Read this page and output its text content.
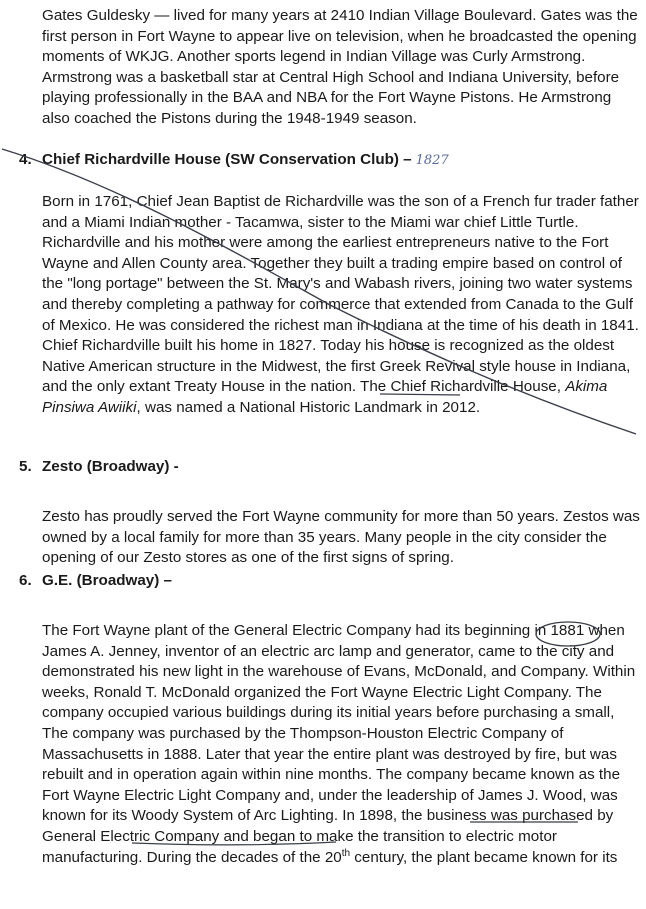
Gates Guldesky — lived for many years at 2410 Indian Village Boulevard. Gates was the first person in Fort Wayne to appear live on television, when he broadcasted the opening moments of WKJG. Another sports legend in Indian Village was Curly Armstrong. Armstrong was a basketball star at Central High School and Indiana University, before playing professionally in the BAA and NBA for the Fort Wayne Pistons. He Armstrong also coached the Pistons during the 1948-1949 season.

4. Chief Richardville House (SW Conservation Club) – 1827

Born in 1761, Chief Jean Baptist de Richardville was the son of a French fur trader father and a Miami Indian mother - Tacamwa, sister to the Miami war chief Little Turtle. Richardville and his mother were among the earliest entrepreneurs native to the Fort Wayne and Allen County area. Together they built a trading empire based on control of the "long portage" between the St. Mary's and Wabash rivers, joining two water systems and thereby completing a pathway for commerce that extended from Canada to the Gulf of Mexico. He was considered the richest man in Indiana at the time of his death in 1841. Chief Richardville built his home in 1827. Today his house is recognized as the oldest Native American structure in the Midwest, the first Greek Revival style house in Indiana, and the only extant Treaty House in the nation. The Chief Richardville House, Akima Pinsiwa Awiiki, was named a National Historic Landmark in 2012.

5. Zesto (Broadway) -

Zesto has proudly served the Fort Wayne community for more than 50 years. Zestos was owned by a local family for more than 35 years. Many people in the city consider the opening of our Zesto stores as one of the first signs of spring.

6. G.E. (Broadway) –

The Fort Wayne plant of the General Electric Company had its beginning in 1881 when James A. Jenney, inventor of an electric arc lamp and generator, came to the city and demonstrated his new light in the warehouse of Evans, McDonald, and Company. Within weeks, Ronald T. McDonald organized the Fort Wayne Electric Light Company. The company occupied various buildings during its initial years before purchasing a small, The company was purchased by the Thompson-Houston Electric Company of Massachusetts in 1888. Later that year the entire plant was destroyed by fire, but was rebuilt and in operation again within nine months. The company became known as the Fort Wayne Electric Light Company and, under the leadership of James J. Wood, was known for its Woody System of Arc Lighting. In 1898, the business was purchased by General Electric Company and began to make the transition to electric motor manufacturing. During the decades of the 20th century, the plant became known for its
